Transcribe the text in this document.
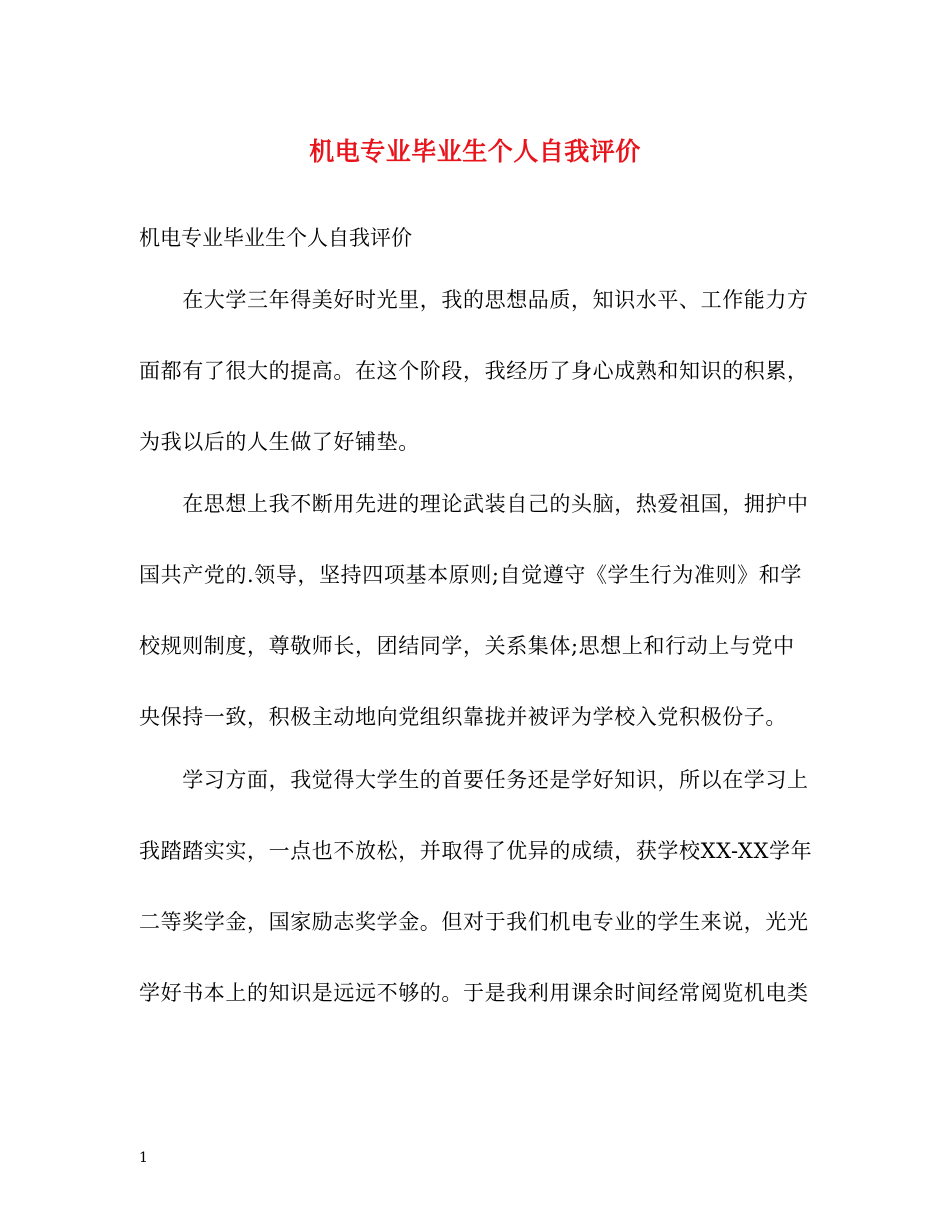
机电专业毕业生个人自我评价
机电专业毕业生个人自我评价
　　在大学三年得美好时光里，我的思想品质，知识水平、工作能力方
面都有了很大的提高。在这个阶段，我经历了身心成熟和知识的积累，
为我以后的人生做了好铺垫。
　　在思想上我不断用先进的理论武装自己的头脑，热爱祖国，拥护中
国共产党的.领导，坚持四项基本原则;自觉遵守《学生行为准则》和学
校规则制度，尊敬师长，团结同学，关系集体;思想上和行动上与党中
央保持一致，积极主动地向党组织靠拢并被评为学校入党积极份子。
　　学习方面，我觉得大学生的首要任务还是学好知识，所以在学习上
我踏踏实实，一点也不放松，并取得了优异的成绩，获学校XX-XX学年
二等奖学金，国家励志奖学金。但对于我们机电专业的学生来说，光光
学好书本上的知识是远远不够的。于是我利用课余时间经常阅览机电类
1
